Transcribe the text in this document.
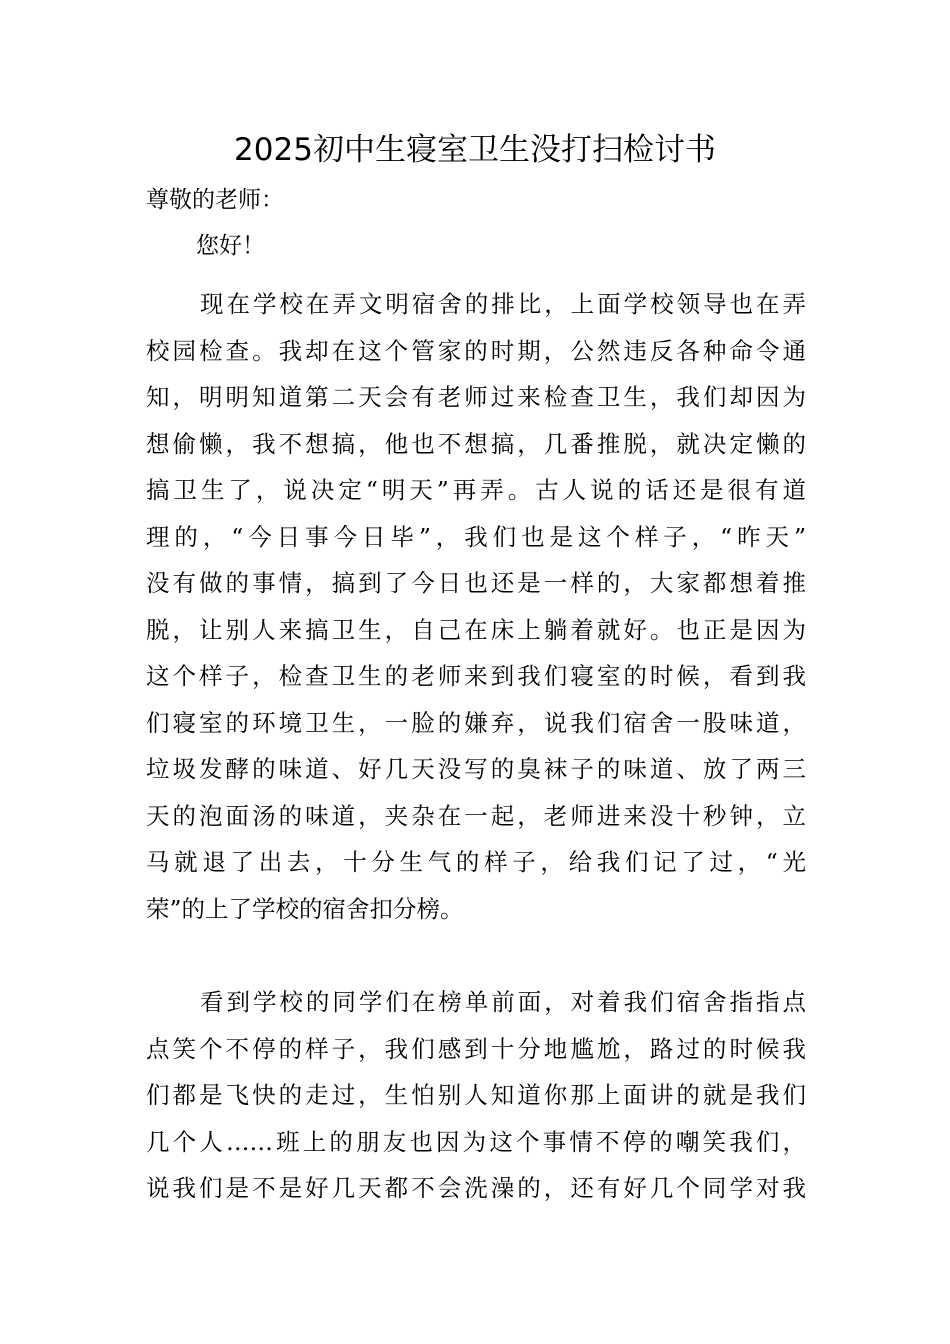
2025初中生寝室卫生没打扫检讨书

尊敬的老师：

您好！

现在学校在弄文明宿舍的排比，上面学校领导也在弄
校园检查。我却在这个管家的时期，公然违反各种命令通
知，明明知道第二天会有老师过来检查卫生，我们却因为
想偷懒，我不想搞，他也不想搞，几番推脱，就决定懒的
搞卫生了，说决定“明天”再弄。古人说的话还是很有道
理的，“今日事今日毕”，我们也是这个样子，“昨天”
没有做的事情，搞到了今日也还是一样的，大家都想着推
脱，让别人来搞卫生，自己在床上躺着就好。也正是因为
这个样子，检查卫生的老师来到我们寝室的时候，看到我
们寝室的环境卫生，一脸的嫌弃，说我们宿舍一股味道，
垃圾发酵的味道、好几天没写的臭袜子的味道、放了两三
天的泡面汤的味道，夹杂在一起，老师进来没十秒钟，立
马就退了出去，十分生气的样子，给我们记了过，“光
荣”的上了学校的宿舍扣分榜。
看到学校的同学们在榜单前面，对着我们宿舍指指点
点笑个不停的样子，我们感到十分地尴尬，路过的时候我
们都是飞快的走过，生怕别人知道你那上面讲的就是我们
几个人……班上的朋友也因为这个事情不停的嘲笑我们，
说我们是不是好几天都不会洗澡的，还有好几个同学对我
